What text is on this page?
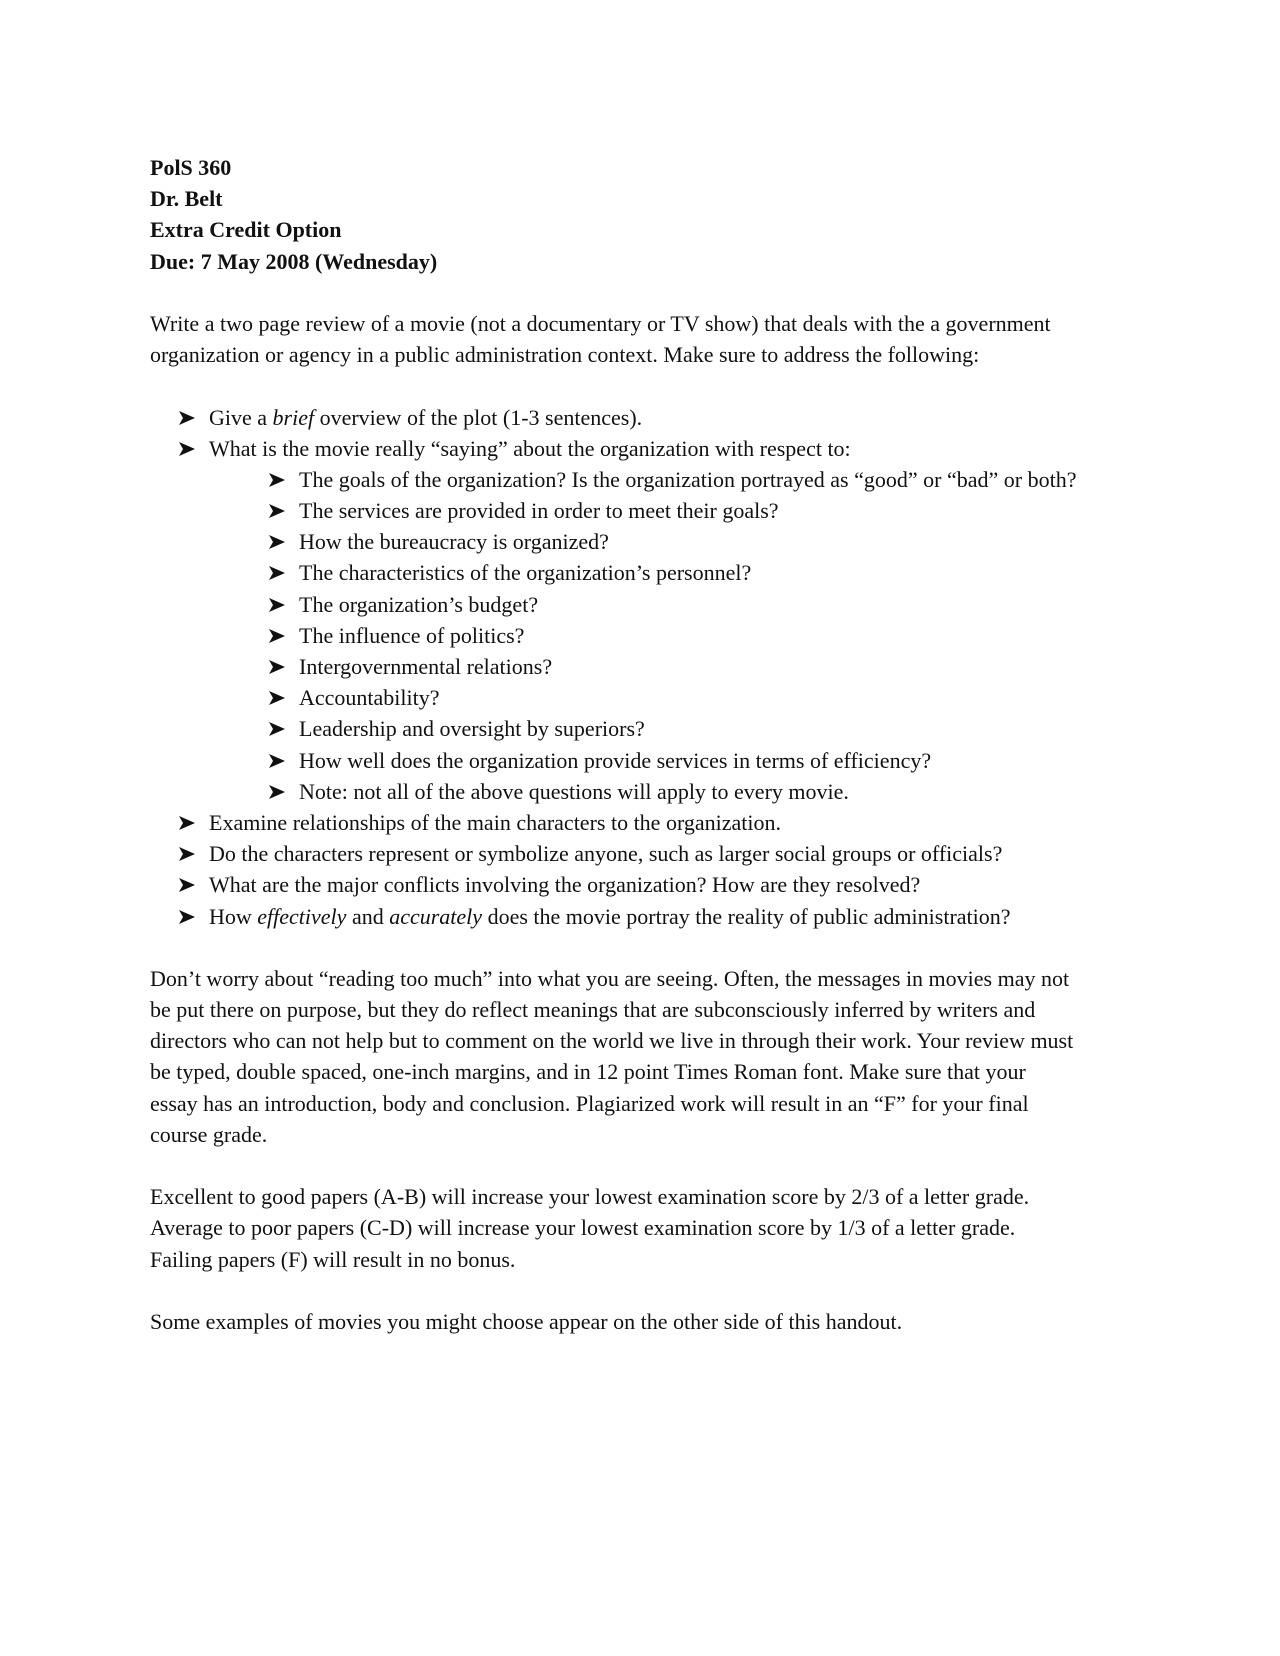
PolS 360
Dr. Belt
Extra Credit Option
Due: 7 May 2008 (Wednesday)
Write a two page review of a movie (not a documentary or TV show) that deals with the a government
organization or agency in a public administration context. Make sure to address the following:
Give a brief overview of the plot (1-3 sentences).
What is the movie really “saying” about the organization with respect to:
The goals of the organization? Is the organization portrayed as “good” or “bad” or both?
The services are provided in order to meet their goals?
How the bureaucracy is organized?
The characteristics of the organization’s personnel?
The organization’s budget?
The influence of politics?
Intergovernmental relations?
Accountability?
Leadership and oversight by superiors?
How well does the organization provide services in terms of efficiency?
Note: not all of the above questions will apply to every movie.
Examine relationships of the main characters to the organization.
Do the characters represent or symbolize anyone, such as larger social groups or officials?
What are the major conflicts involving the organization? How are they resolved?
How effectively and accurately does the movie portray the reality of public administration?
Don’t worry about “reading too much” into what you are seeing. Often, the messages in movies may not
be put there on purpose, but they do reflect meanings that are subconsciously inferred by writers and
directors who can not help but to comment on the world we live in through their work. Your review must
be typed, double spaced, one-inch margins, and in 12 point Times Roman font. Make sure that your
essay has an introduction, body and conclusion. Plagiarized work will result in an “F” for your final
course grade.
Excellent to good papers (A-B) will increase your lowest examination score by 2/3 of a letter grade.
Average to poor papers (C-D) will increase your lowest examination score by 1/3 of a letter grade.
Failing papers (F) will result in no bonus.
Some examples of movies you might choose appear on the other side of this handout.
